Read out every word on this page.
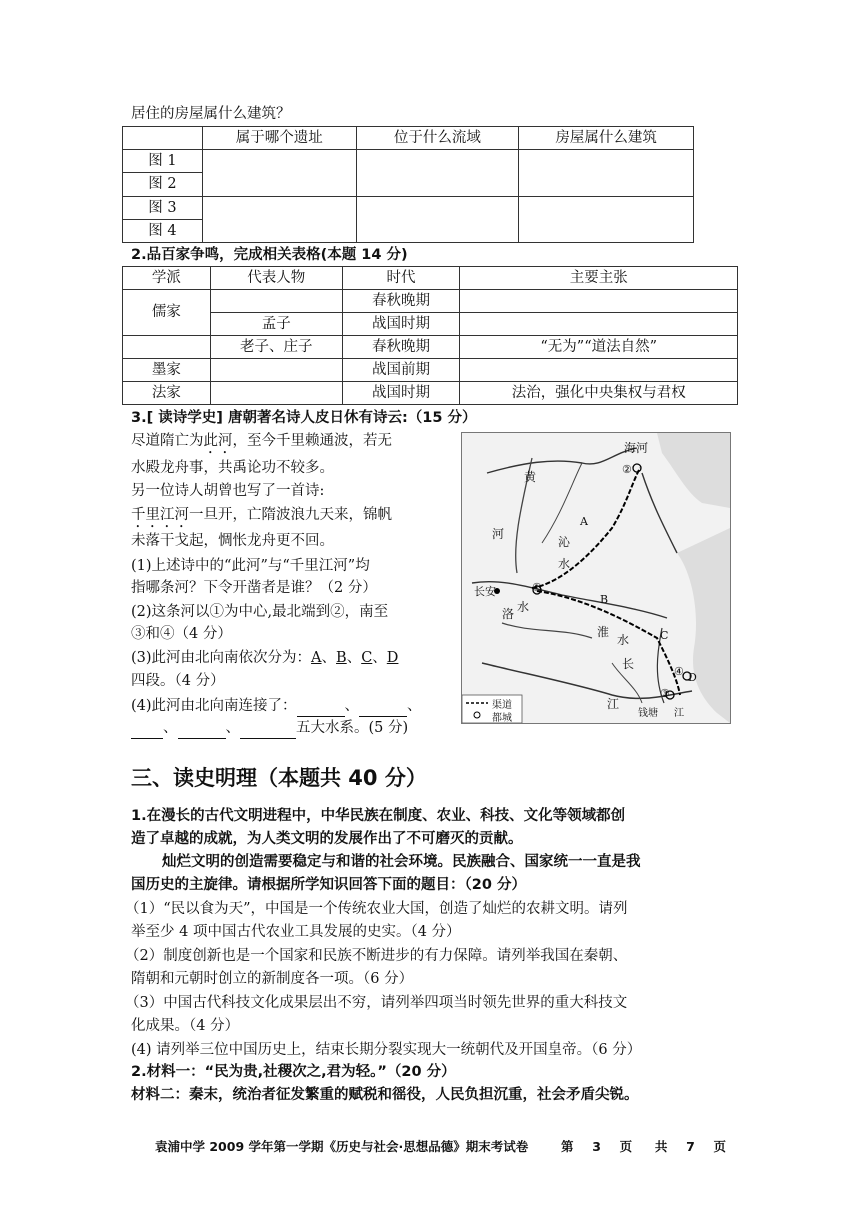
居住的房屋属什么建筑？
	属于哪个遗址	位于什么流域	房屋属什么建筑
图 1			
图 2			
图 3			
图 4			
2.品百家争鸣，完成相关表格(本题 14 分)
学派	代表人物	时代	主要主张
儒家		春秋晚期	
	孟子	战国时期	
	老子、庄子	春秋晚期	“无为”“道法自然”
墨家		战国前期	
法家		战国时期	法治，强化中央集权与君权
3.[ 读诗学史] 唐朝著名诗人皮日休有诗云:（15 分）
尽道隋亡为此河，至今千里赖通波，若无
水殿龙舟事，共禹论功不较多。
另一位诗人胡曾也写了一首诗:
千里江河一旦开，亡隋波浪九天来，锦帆
未落干戈起，惆怅龙舟更不回。
(1)上述诗中的“此河”与“千里江河”均
指哪条河？下令开凿者是谁？（2 分）
(2)这条河以①为中心,最北端到②，南至
③和④（4 分）
(3)此河由北向南依次分为：A、B、C、D
四段。（4 分）
(4)此河由北向南连接了：	、	、
、	、	五大水系。(5 分)
海河
黄
河
沁
水
长安
洛 水
淮
水
长
江
钱塘 江
A
B
C
D
①
②
③
④
渠道
都城
三、读史明理（本题共 40 分）
1.在漫长的古代文明进程中，中华民族在制度、农业、科技、文化等领域都创
造了卓越的成就，为人类文明的发展作出了不可磨灭的贡献。
灿烂文明的创造需要稳定与和谐的社会环境。民族融合、国家统一一直是我
国历史的主旋律。请根据所学知识回答下面的题目：（20 分）
（1）“民以食为天”，中国是一个传统农业大国，创造了灿烂的农耕文明。请列
举至少 4 项中国古代农业工具发展的史实。（4 分）
（2）制度创新也是一个国家和民族不断进步的有力保障。请列举我国在秦朝、
隋朝和元朝时创立的新制度各一项。（6 分）
（3）中国古代科技文化成果层出不穷，请列举四项当时领先世界的重大科技文
化成果。（4 分）
(4) 请列举三位中国历史上，结束长期分裂实现大一统朝代及开国皇帝。（6 分）
2.材料一：“民为贵,社稷次之,君为轻。”（20 分）
材料二：秦末，统治者征发繁重的赋税和徭役，人民负担沉重，社会矛盾尖锐。
袁浦中学 2009 学年第一学期《历史与社会·思想品德》期末考试卷	第 3 页 共 7 页
